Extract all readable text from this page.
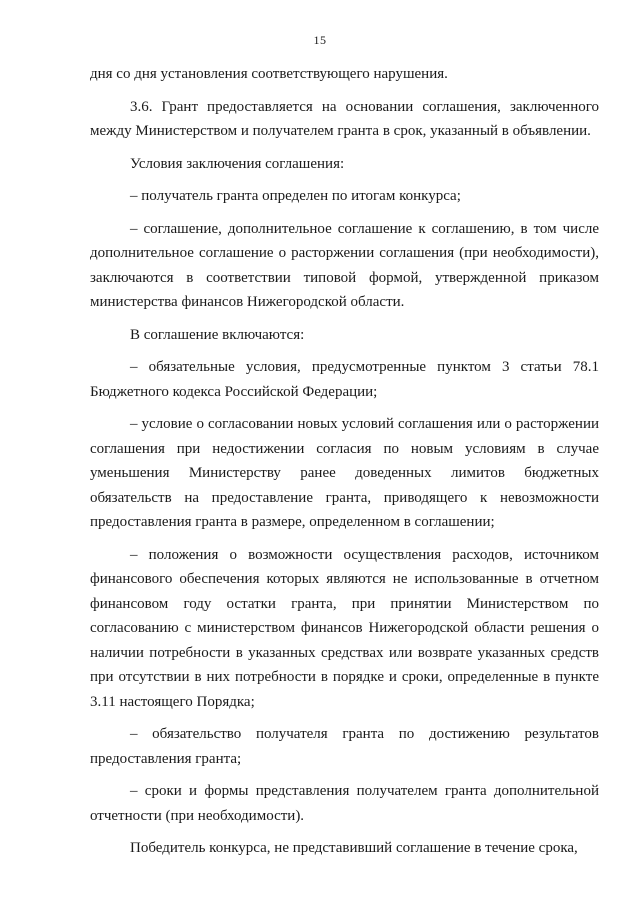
15

дня со дня установления соответствующего нарушения.

3.6. Грант предоставляется на основании соглашения, заключенного между Министерством и получателем гранта в срок, указанный в объявлении.

Условия заключения соглашения:

– получатель гранта определен по итогам конкурса;

– соглашение, дополнительное соглашение к соглашению, в том числе дополнительное соглашение о расторжении соглашения (при необходимости), заключаются в соответствии типовой формой, утвержденной приказом министерства финансов Нижегородской области.

В соглашение включаются:

– обязательные условия, предусмотренные пунктом 3 статьи 78.1 Бюджетного кодекса Российской Федерации;

– условие о согласовании новых условий соглашения или о расторжении соглашения при недостижении согласия по новым условиям в случае уменьшения Министерству ранее доведенных лимитов бюджетных обязательств на предоставление гранта, приводящего к невозможности предоставления гранта в размере, определенном в соглашении;

– положения о возможности осуществления расходов, источником финансового обеспечения которых являются не использованные в отчетном финансовом году остатки гранта, при принятии Министерством по согласованию с министерством финансов Нижегородской области решения о наличии потребности в указанных средствах или возврате указанных средств при отсутствии в них потребности в порядке и сроки, определенные в пункте 3.11 настоящего Порядка;

– обязательство получателя гранта по достижению результатов предоставления гранта;

– сроки и формы представления получателем гранта дополнительной отчетности (при необходимости).

Победитель конкурса, не представивший соглашение в течение срока,
